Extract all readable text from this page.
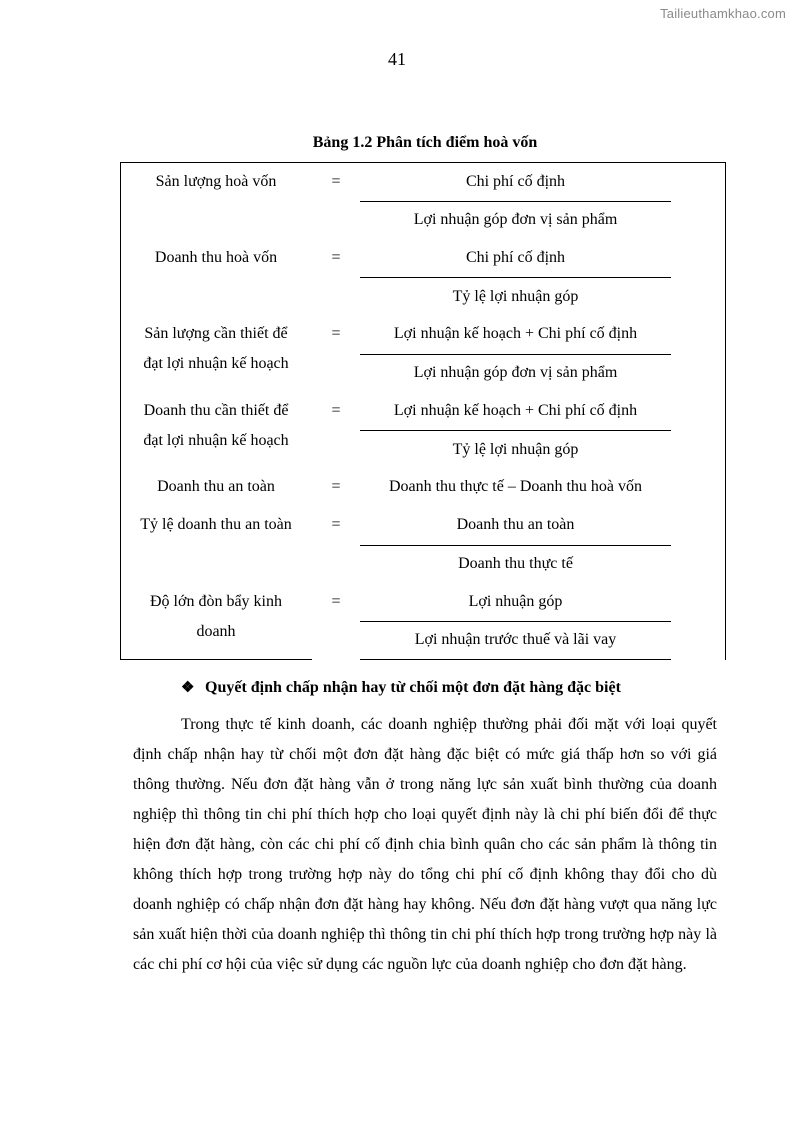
Tailieuthamkhao.com
41
Bảng 1.2 Phân tích điểm hoà vốn
Sản lượng hoà vốn	=	Chi phí cố định
Lợi nhuận góp đơn vị sản phẩm
Doanh thu hoà vốn	=	Chi phí cố định
Tỷ lệ lợi nhuận góp
Sản lượng cần thiết để
đạt lợi nhuận kế hoạch
=	Lợi nhuận kế hoạch + Chi phí cố định
Lợi nhuận góp đơn vị sản phẩm
Doanh thu cần thiết để
đạt lợi nhuận kế hoạch
=	Lợi nhuận kế hoạch + Chi phí cố định
Tỷ lệ lợi nhuận góp
Doanh thu an toàn	=	Doanh thu thực tế – Doanh thu hoà vốn
Tỷ lệ doanh thu an toàn	=	Doanh thu an toàn
Doanh thu thực tế
Độ lớn đòn bẩy kinh
doanh
=	Lợi nhuận góp
Lợi nhuận trước thuế và lãi vay
❖ Quyết định chấp nhận hay từ chối một đơn đặt hàng đặc biệt
Trong thực tế kinh doanh, các doanh nghiệp thường phải đối mặt với loại quyết định chấp nhận hay từ chối một đơn đặt hàng đặc biệt có mức giá thấp hơn so với giá thông thường. Nếu đơn đặt hàng vẫn ở trong năng lực sản xuất bình thường của doanh nghiệp thì thông tin chi phí thích hợp cho loại quyết định này là chi phí biến đổi để thực hiện đơn đặt hàng, còn các chi phí cố định chia bình quân cho các sản phẩm là thông tin không thích hợp trong trường hợp này do tổng chi phí cố định không thay đổi cho dù doanh nghiệp có chấp nhận đơn đặt hàng hay không. Nếu đơn đặt hàng vượt qua năng lực sản xuất hiện thời của doanh nghiệp thì thông tin chi phí thích hợp trong trường hợp này là các chi phí cơ hội của việc sử dụng các nguồn lực của doanh nghiệp cho đơn đặt hàng.
